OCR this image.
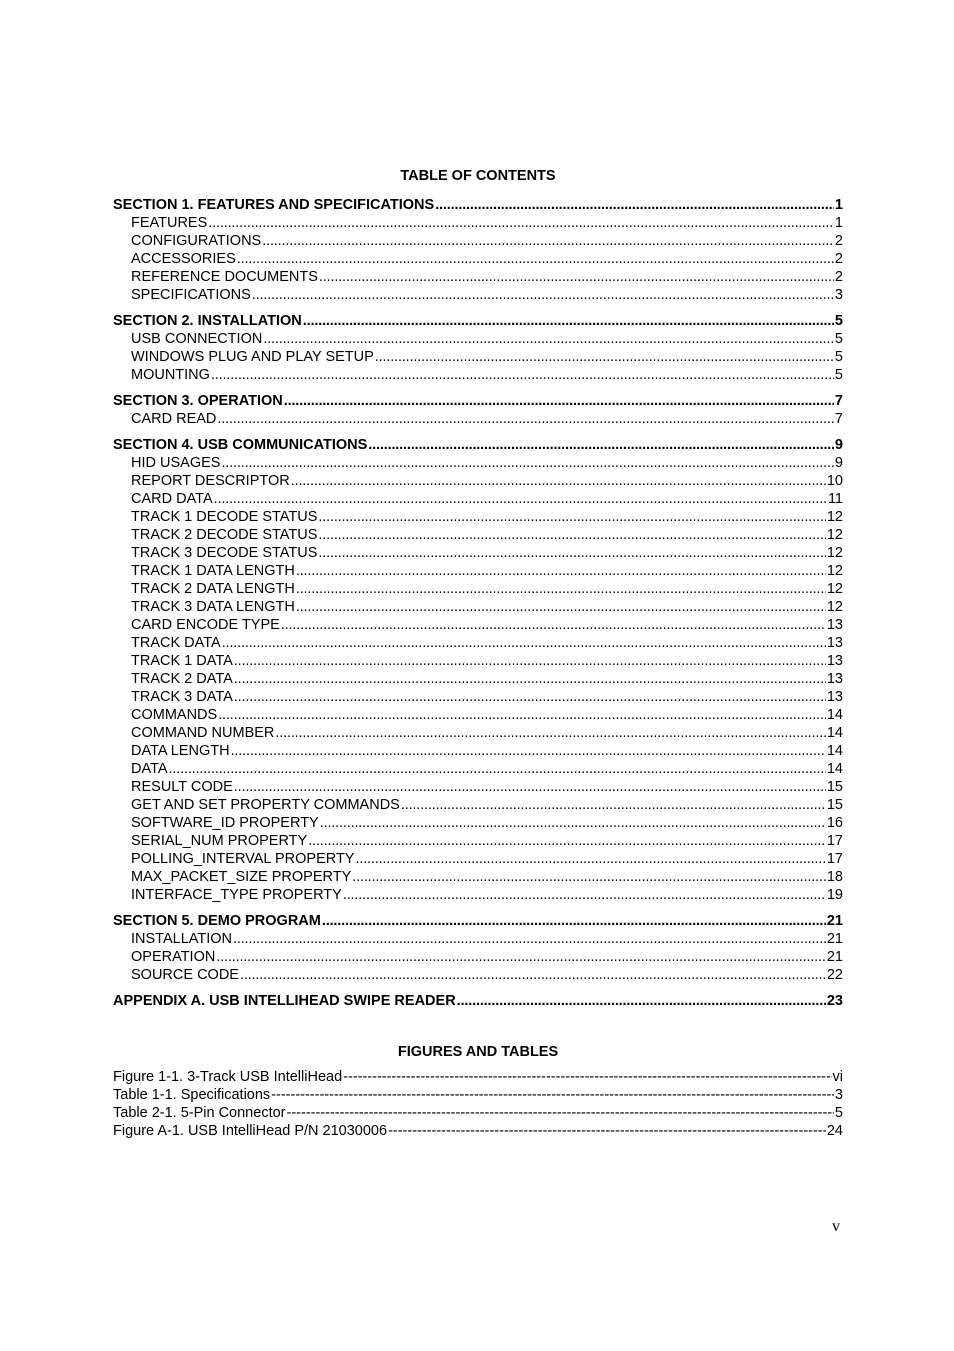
TABLE OF CONTENTS
SECTION 1. FEATURES AND SPECIFICATIONS . . .	1
FEATURES . . .	1
CONFIGURATIONS . . .	2
ACCESSORIES . . .	2
REFERENCE DOCUMENTS . . .	2
SPECIFICATIONS . . .	3
SECTION 2. INSTALLATION . . .	5
USB CONNECTION . . .	5
WINDOWS PLUG AND PLAY SETUP . . .	5
MOUNTING . . .	5
SECTION 3. OPERATION . . .	7
CARD READ . . .	7
SECTION 4. USB COMMUNICATIONS . . .	9
HID USAGES . . .	9
REPORT DESCRIPTOR . . .	10
CARD DATA . . .	11
TRACK 1 DECODE STATUS . . .	12
TRACK 2 DECODE STATUS . . .	12
TRACK 3 DECODE STATUS . . .	12
TRACK 1 DATA LENGTH . . .	12
TRACK 2 DATA LENGTH . . .	12
TRACK 3 DATA LENGTH . . .	12
CARD ENCODE TYPE . . .	13
TRACK DATA . . .	13
TRACK 1 DATA . . .	13
TRACK 2 DATA . . .	13
TRACK 3 DATA . . .	13
COMMANDS . . .	14
COMMAND NUMBER . . .	14
DATA LENGTH . . .	14
DATA . . .	14
RESULT CODE . . .	15
GET AND SET PROPERTY COMMANDS . . .	15
SOFTWARE_ID PROPERTY . . .	16
SERIAL_NUM PROPERTY . . .	17
POLLING_INTERVAL PROPERTY . . .	17
MAX_PACKET_SIZE PROPERTY . . .	18
INTERFACE_TYPE PROPERTY . . .	19
SECTION 5. DEMO PROGRAM . . .	21
INSTALLATION . . .	21
OPERATION . . .	21
SOURCE CODE . . .	22
APPENDIX A. USB INTELLIHEAD SWIPE READER . . .	23
FIGURES AND TABLES
Figure 1-1. 3-Track USB IntelliHead -----	vi
Table 1-1. Specifications -----	3
Table 2-1. 5-Pin Connector -----	5
Figure A-1. USB IntelliHead P/N 21030006 -----	24
v
